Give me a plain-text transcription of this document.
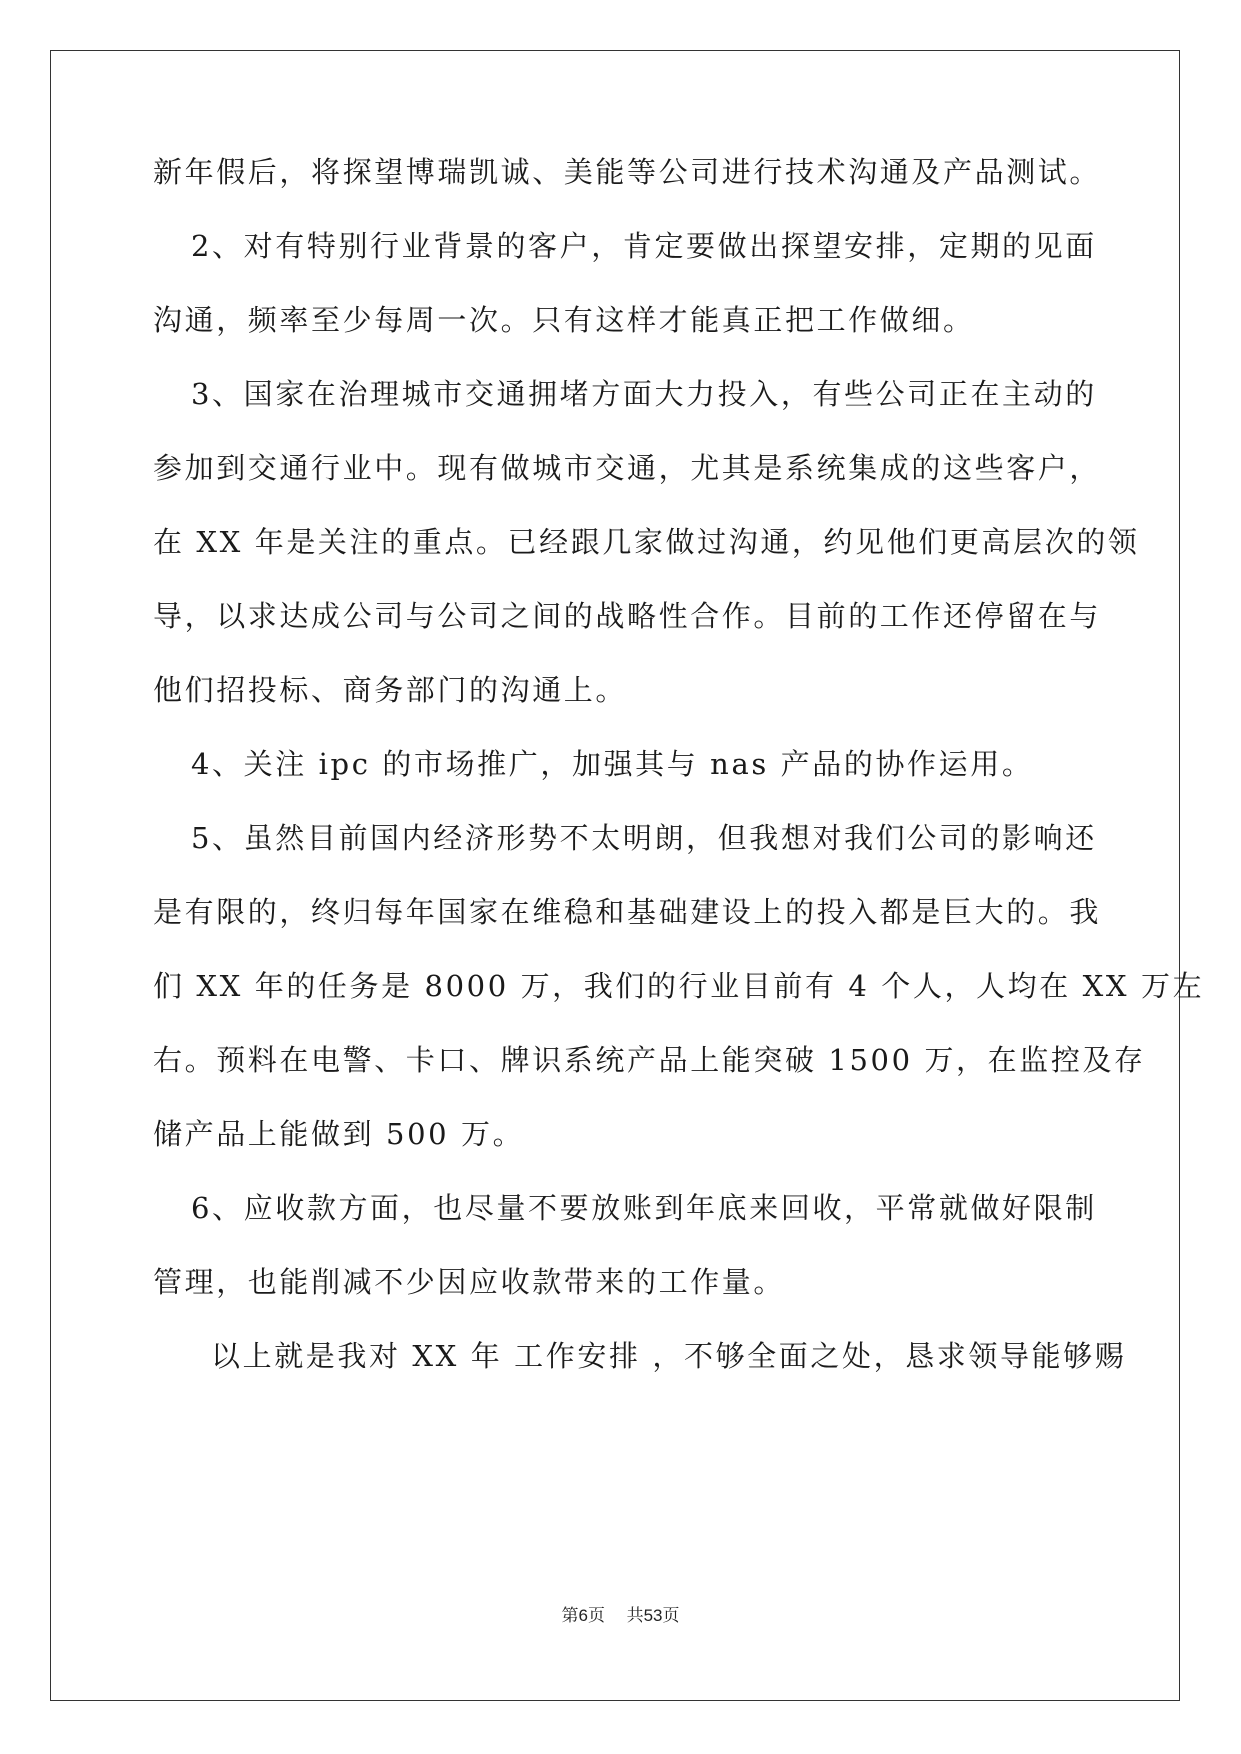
新年假后，将探望博瑞凯诚、美能等公司进行技术沟通及产品测试。
2、对有特别行业背景的客户，肯定要做出探望安排，定期的见面
沟通，频率至少每周一次。只有这样才能真正把工作做细。
3、国家在治理城市交通拥堵方面大力投入，有些公司正在主动的
参加到交通行业中。现有做城市交通，尤其是系统集成的这些客户，
在 XX 年是关注的重点。已经跟几家做过沟通，约见他们更高层次的领
导，以求达成公司与公司之间的战略性合作。目前的工作还停留在与
他们招投标、商务部门的沟通上。
4、关注 ipc 的市场推广，加强其与 nas 产品的协作运用。
5、虽然目前国内经济形势不太明朗，但我想对我们公司的影响还
是有限的，终归每年国家在维稳和基础建设上的投入都是巨大的。我
们 XX 年的任务是 8000 万，我们的行业目前有 4 个人，人均在 XX 万左
右。预料在电警、卡口、牌识系统产品上能突破 1500 万，在监控及存
储产品上能做到 500 万。
6、应收款方面，也尽量不要放账到年底来回收，平常就做好限制
管理，也能削减不少因应收款带来的工作量。
以上就是我对 XX 年 工作安排 ，不够全面之处，恳求领导能够赐
第6页 共53页
